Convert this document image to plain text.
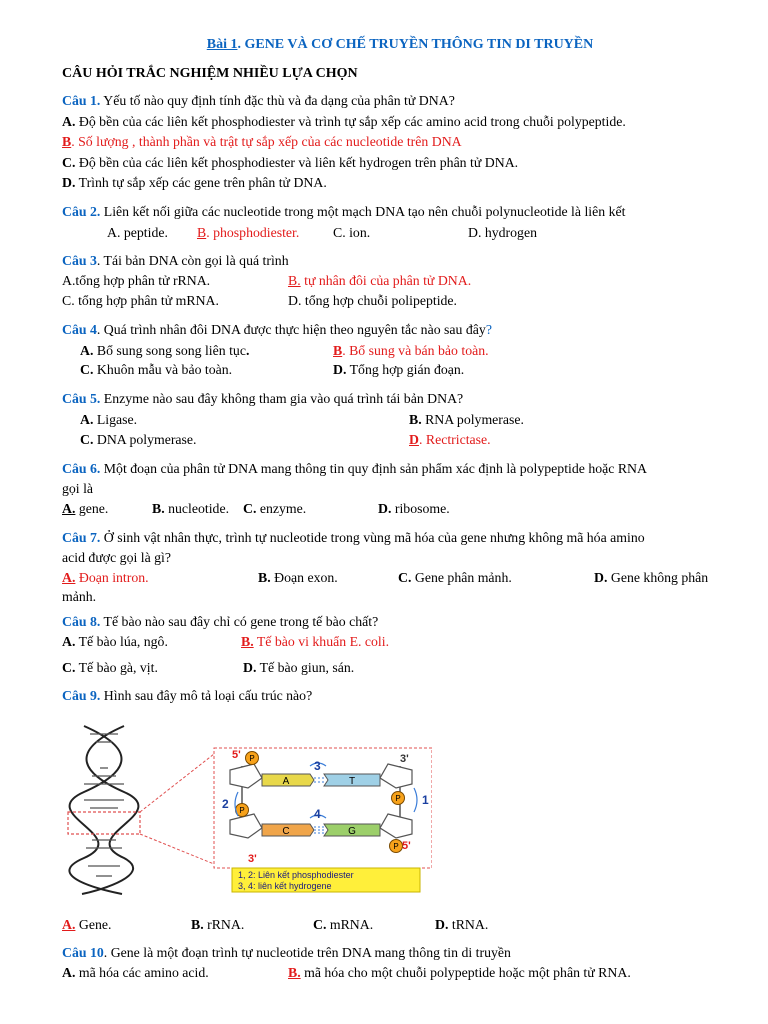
Bài 1. GENE VÀ CƠ CHẾ TRUYỀN THÔNG TIN DI TRUYỀN
CÂU HỎI TRẮC NGHIỆM NHIỀU LỰA CHỌN
Câu 1. Yếu tố nào quy định tính đặc thù và đa dạng của phân tử DNA?
A. Độ bền của các liên kết phosphodiester và trình tự sắp xếp các amino acid trong chuỗi polypeptide.
B. Số lượng , thành phần và trật tự sắp xếp của các nucleotide trên DNA
C. Độ bền của các liên kết phosphodiester và liên kết hydrogen trên phân tử DNA.
D. Trình tự sắp xếp các gene trên phân tử DNA.
Câu 2. Liên kết nối giữa các nucleotide trong một mạch DNA tạo nên chuỗi polynucleotide là liên kết
A. peptide. B. phosphodiester. C. ion.	D. hydrogen
Câu 3. Tái bản DNA còn gọi là quá trình
A.tổng hợp phân tử rRNA.	B. tự nhân đôi của phân tử DNA.
C. tổng hợp phân tử mRNA.	D. tổng hợp chuỗi polipeptide.
Câu 4. Quá trình nhân đôi DNA được thực hiện theo nguyên tắc nào sau đây?
A. Bổ sung song song liên tục.	B. Bổ sung và bán bảo toàn.
C. Khuôn mẫu và bảo toàn.	D. Tổng hợp gián đoạn.
Câu 5. Enzyme nào sau đây không tham gia vào quá trình tái bản DNA?
A. Ligase.	B. RNA polymerase.
C. DNA polymerase.	D. Rectrictase.
Câu 6. Một đoạn của phân tử DNA mang thông tin quy định sản phẩm xác định là polypeptide hoặc RNA
gọi là
A. gene.	B. nucleotide. C. enzyme.	D. ribosome.
Câu 7. Ở sinh vật nhân thực, trình tự nucleotide trong vùng mã hóa của gene nhưng không mã hóa amino
acid được gọi là gì?
A. Đoạn intron.	B. Đoạn exon.	C. Gene phân mảnh.	D. Gene không phân
mảnh.
Câu 8. Tế bào nào sau đây chỉ có gene trong tế bào chất?
A. Tế bào lúa, ngô.	B. Tế bào vi khuẩn E. coli.
C. Tế bào gà, vịt.	D. Tế bào giun, sán.
Câu 9. Hình sau đây mô tả loại cấu trúc nào?
P
P
P
P
A	T
C	G
5'	3'
3'
5'
3
4
1
2
1, 2: Liên kết phosphodiester
3, 4: liên kết hydrogene
A. Gene.	B. rRNA.	C. mRNA.	D. tRNA.
Câu 10. Gene là một đoạn trình tự nucleotide trên DNA mang thông tin di truyền
A. mã hóa các amino acid.	B. mã hóa cho một chuỗi polypeptide hoặc một phân tử RNA.
